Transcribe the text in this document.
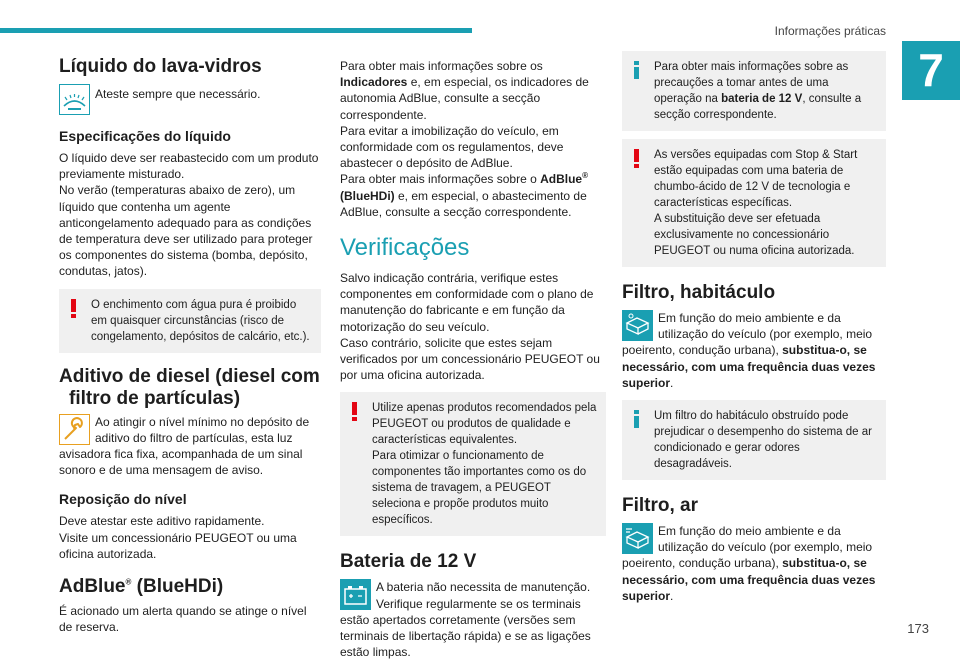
Informações práticas
7
Líquido do lava-vidros

Ateste sempre que necessário.

Especificações do líquido

O líquido deve ser reabastecido com um produto previamente misturado.
No verão (temperaturas abaixo de zero), um líquido que contenha um agente anticongelamento adequado para as condições de temperatura deve ser utilizado para proteger os componentes do sistema (bomba, depósito, condutas, jatos).

O enchimento com água pura é proibido em quaisquer circunstâncias (risco de congelamento, depósitos de calcário, etc.).

Aditivo de diesel (diesel com
filtro de partículas)

Ao atingir o nível mínimo no depósito de aditivo do filtro de partículas, esta luz avisadora fica fixa, acompanhada de um sinal sonoro e de uma mensagem de aviso.

Reposição do nível

Deve atestar este aditivo rapidamente.
Visite um concessionário PEUGEOT ou uma oficina autorizada.

AdBlue® (BlueHDi)

É acionado um alerta quando se atinge o nível de reserva.

Para obter mais informações sobre os Indicadores e, em especial, os indicadores de autonomia AdBlue, consulte a secção correspondente.

Para evitar a imobilização do veículo, em conformidade com os regulamentos, deve abastecer o depósito de AdBlue.

Para obter mais informações sobre o AdBlue® (BlueHDi) e, em especial, o abastecimento de AdBlue, consulte a secção correspondente.

Verificações

Salvo indicação contrária, verifique estes componentes em conformidade com o plano de manutenção do fabricante e em função da motorização do seu veículo.
Caso contrário, solicite que estes sejam verificados por um concessionário PEUGEOT ou por uma oficina autorizada.

Utilize apenas produtos recomendados pela PEUGEOT ou produtos de qualidade e características equivalentes.
Para otimizar o funcionamento de componentes tão importantes como os do sistema de travagem, a PEUGEOT seleciona e propõe produtos muito específicos.

Bateria de 12 V

A bateria não necessita de manutenção.
Verifique regularmente se os terminais estão apertados corretamente (versões sem terminais de libertação rápida) e se as ligações estão limpas.

Para obter mais informações sobre as precauções a tomar antes de uma operação na bateria de 12 V, consulte a secção correspondente.

As versões equipadas com Stop & Start estão equipadas com uma bateria de chumbo-ácido de 12 V de tecnologia e características específicas.
A substituição deve ser efetuada exclusivamente no concessionário PEUGEOT ou numa oficina autorizada.

Filtro, habitáculo

Em função do meio ambiente e da utilização do veículo (por exemplo, meio poeirento, condução urbana), substitua-o, se necessário, com uma frequência duas vezes superior.

Um filtro do habitáculo obstruído pode prejudicar o desempenho do sistema de ar condicionado e gerar odores desagradáveis.

Filtro, ar

Em função do meio ambiente e da utilização do veículo (por exemplo, meio poeirento, condução urbana), substitua-o, se necessário, com uma frequência duas vezes superior.

173
